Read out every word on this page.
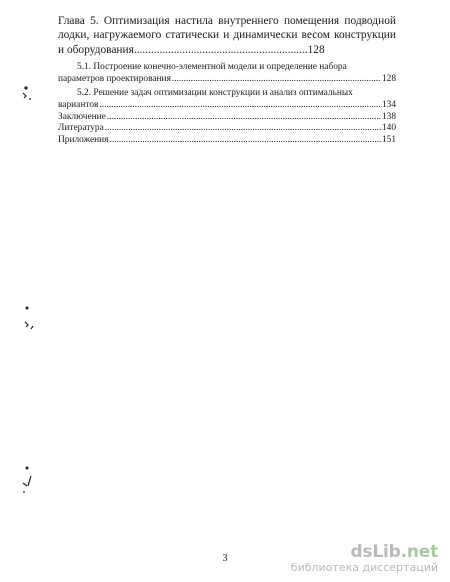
Глава 5. Оптимизация настила внутреннего помещения подводной лодки, нагружаемого статически и динамически весом конструкции и оборудования.............................................................128

5.1. Построение конечно-элементной модели и определение набора

параметров проектирования .....	128

5.2. Решение задач оптимизации конструкции и анализ оптимальных

вариантов .....	134
Заключение .....	138
Литература .....	140
Приложения .....	151
3	dsLib.net
библиотека диссертаций
